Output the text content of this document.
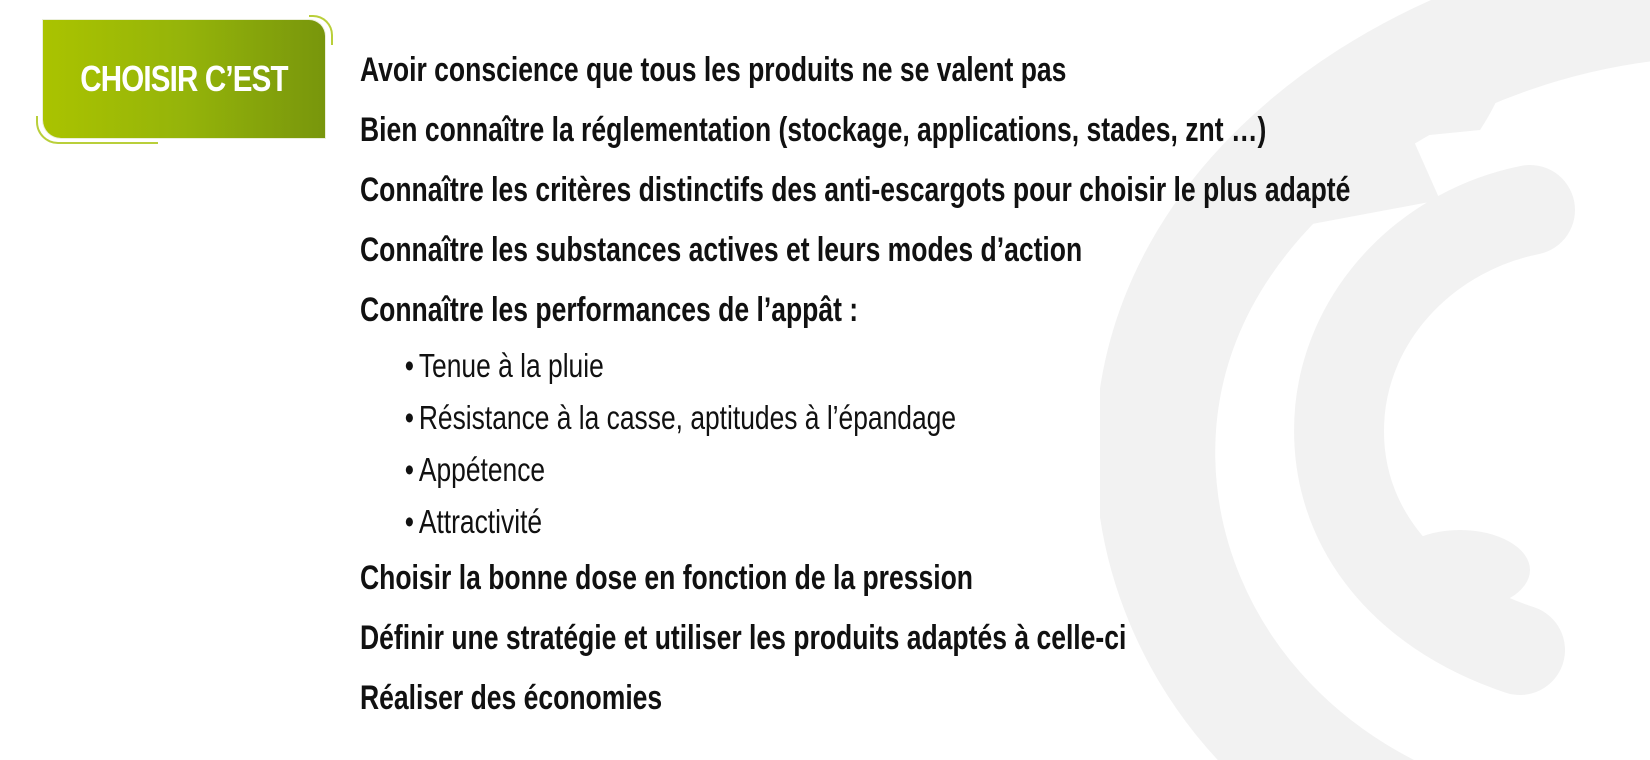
CHOISIR C’EST	Avoir conscience que tous les produits ne se valent pas
Bien connaître la réglementation (stockage, applications, stades, znt …)
Connaître les critères distinctifs des anti-escargots pour choisir le plus adapté
Connaître les substances actives et leurs modes d’action
Connaître les performances de l’appât :
• Tenue à la pluie
• Résistance à la casse, aptitudes à l’épandage
• Appétence
• Attractivité
Choisir la bonne dose en fonction de la pression
Définir une stratégie et utiliser les produits adaptés à celle-ci
Réaliser des économies
